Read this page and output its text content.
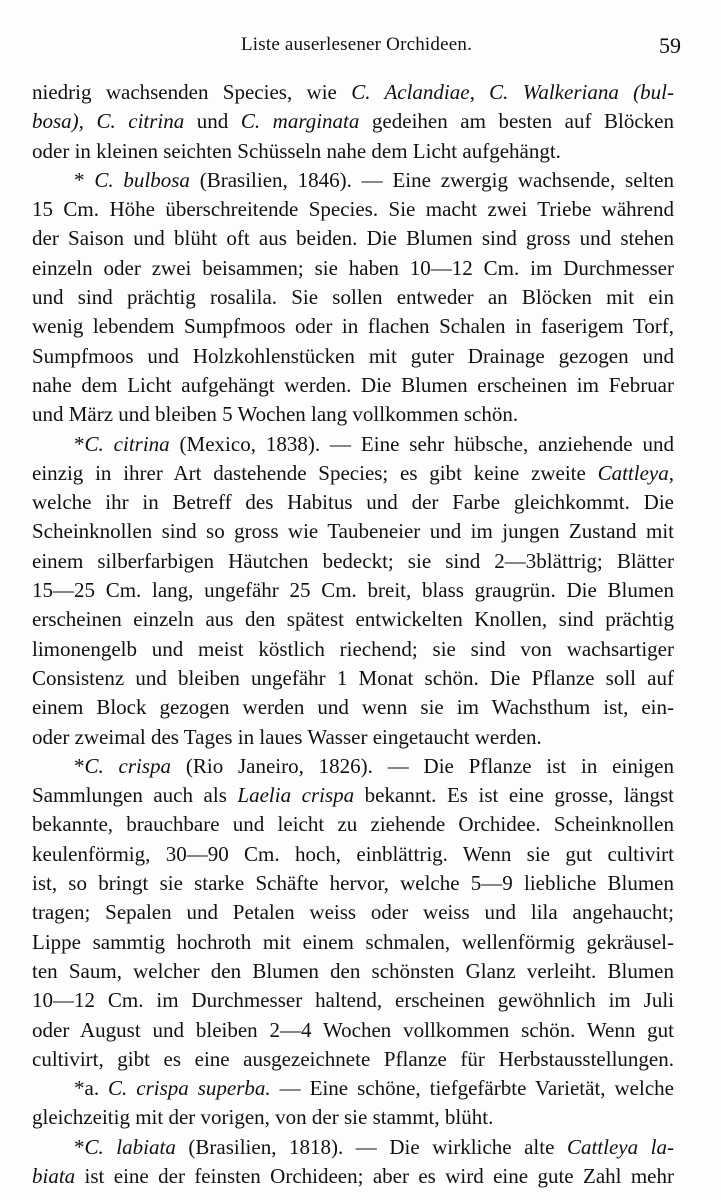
Liste auserlesener Orchideen.	59
niedrig wachsenden Species, wie C. Aclandiae, C. Walkeriana (bul-
bosa), C. citrina und C. marginata gedeihen am besten auf Blöcken
oder in kleinen seichten Schüsseln nahe dem Licht aufgehängt.
* C. bulbosa (Brasilien, 1846). — Eine zwergig wachsende, selten
15 Cm. Höhe überschreitende Species. Sie macht zwei Triebe während
der Saison und blüht oft aus beiden. Die Blumen sind gross und stehen
einzeln oder zwei beisammen; sie haben 10—12 Cm. im Durchmesser
und sind prächtig rosalila. Sie sollen entweder an Blöcken mit ein
wenig lebendem Sumpfmoos oder in flachen Schalen in faserigem Torf,
Sumpfmoos und Holzkohlenstücken mit guter Drainage gezogen und
nahe dem Licht aufgehängt werden. Die Blumen erscheinen im Februar
und März und bleiben 5 Wochen lang vollkommen schön.
*C. citrina (Mexico, 1838). — Eine sehr hübsche, anziehende und
einzig in ihrer Art dastehende Species; es gibt keine zweite Cattleya,
welche ihr in Betreff des Habitus und der Farbe gleichkommt. Die
Scheinknollen sind so gross wie Taubeneier und im jungen Zustand mit
einem silberfarbigen Häutchen bedeckt; sie sind 2—3blättrig; Blätter
15—25 Cm. lang, ungefähr 25 Cm. breit, blass graugrün. Die Blumen
erscheinen einzeln aus den spätest entwickelten Knollen, sind prächtig
limonengelb und meist köstlich riechend; sie sind von wachsartiger
Consistenz und bleiben ungefähr 1 Monat schön. Die Pflanze soll auf
einem Block gezogen werden und wenn sie im Wachsthum ist, ein-
oder zweimal des Tages in laues Wasser eingetaucht werden.
*C. crispa (Rio Janeiro, 1826). — Die Pflanze ist in einigen
Sammlungen auch als Laelia crispa bekannt. Es ist eine grosse, längst
bekannte, brauchbare und leicht zu ziehende Orchidee. Scheinknollen
keulenförmig, 30—90 Cm. hoch, einblättrig. Wenn sie gut cultivirt
ist, so bringt sie starke Schäfte hervor, welche 5—9 liebliche Blumen
tragen; Sepalen und Petalen weiss oder weiss und lila angehaucht;
Lippe sammtig hochroth mit einem schmalen, wellenförmig gekräusel-
ten Saum, welcher den Blumen den schönsten Glanz verleiht. Blumen
10—12 Cm. im Durchmesser haltend, erscheinen gewöhnlich im Juli
oder August und bleiben 2—4 Wochen vollkommen schön. Wenn gut
cultivirt, gibt es eine ausgezeichnete Pflanze für Herbstausstellungen.
*a. C. crispa superba. — Eine schöne, tiefgefärbte Varietät, welche
gleichzeitig mit der vorigen, von der sie stammt, blüht.
*C. labiata (Brasilien, 1818). — Die wirkliche alte Cattleya la-
biata ist eine der feinsten Orchideen; aber es wird eine gute Zahl mehr
